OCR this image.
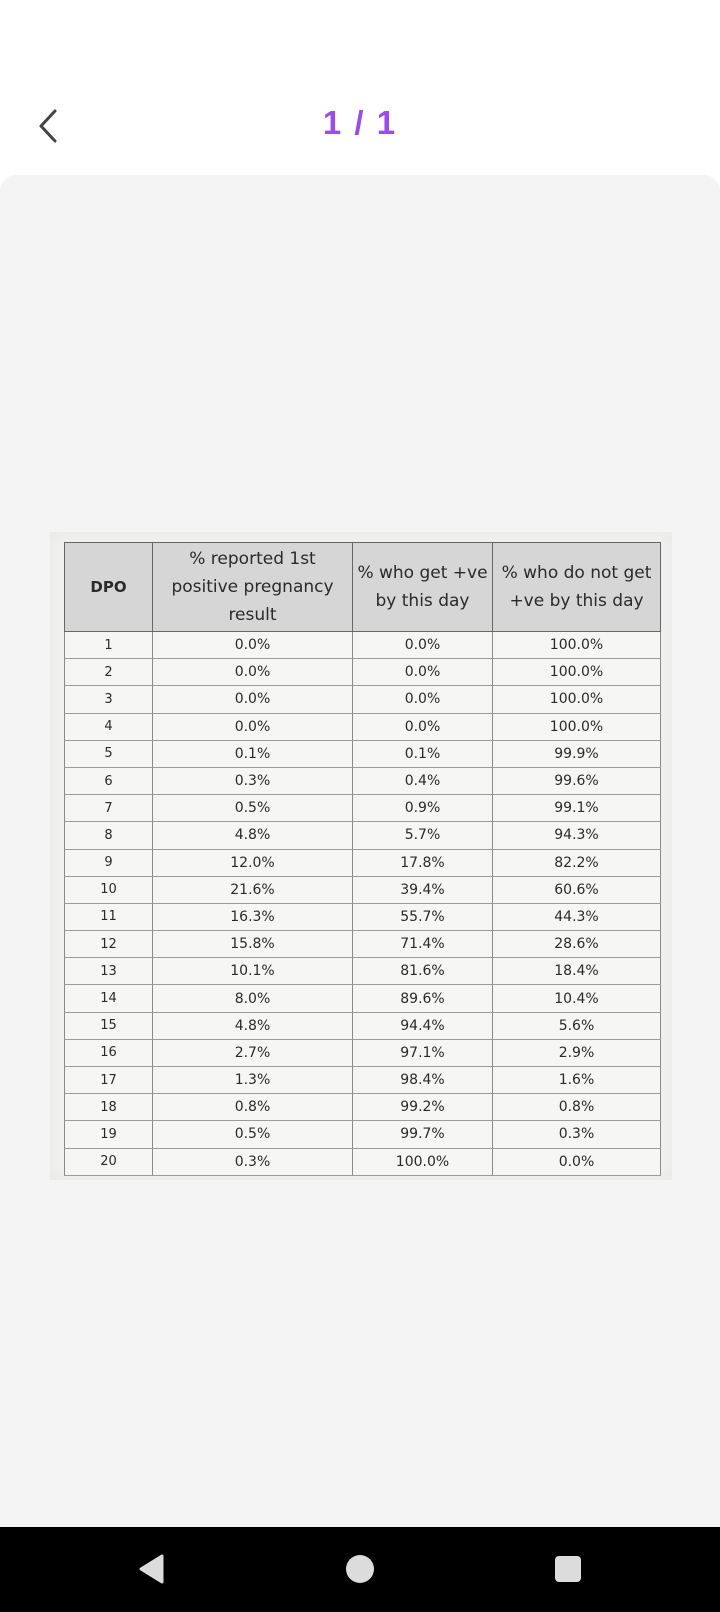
1 / 1
DPO	% reported 1st positive pregnancy result	% who get +ve by this day	% who do not get +ve by this day
1	0.0%	0.0%	100.0%
2	0.0%	0.0%	100.0%
3	0.0%	0.0%	100.0%
4	0.0%	0.0%	100.0%
5	0.1%	0.1%	99.9%
6	0.3%	0.4%	99.6%
7	0.5%	0.9%	99.1%
8	4.8%	5.7%	94.3%
9	12.0%	17.8%	82.2%
10	21.6%	39.4%	60.6%
11	16.3%	55.7%	44.3%
12	15.8%	71.4%	28.6%
13	10.1%	81.6%	18.4%
14	8.0%	89.6%	10.4%
15	4.8%	94.4%	5.6%
16	2.7%	97.1%	2.9%
17	1.3%	98.4%	1.6%
18	0.8%	99.2%	0.8%
19	0.5%	99.7%	0.3%
20	0.3%	100.0%	0.0%
